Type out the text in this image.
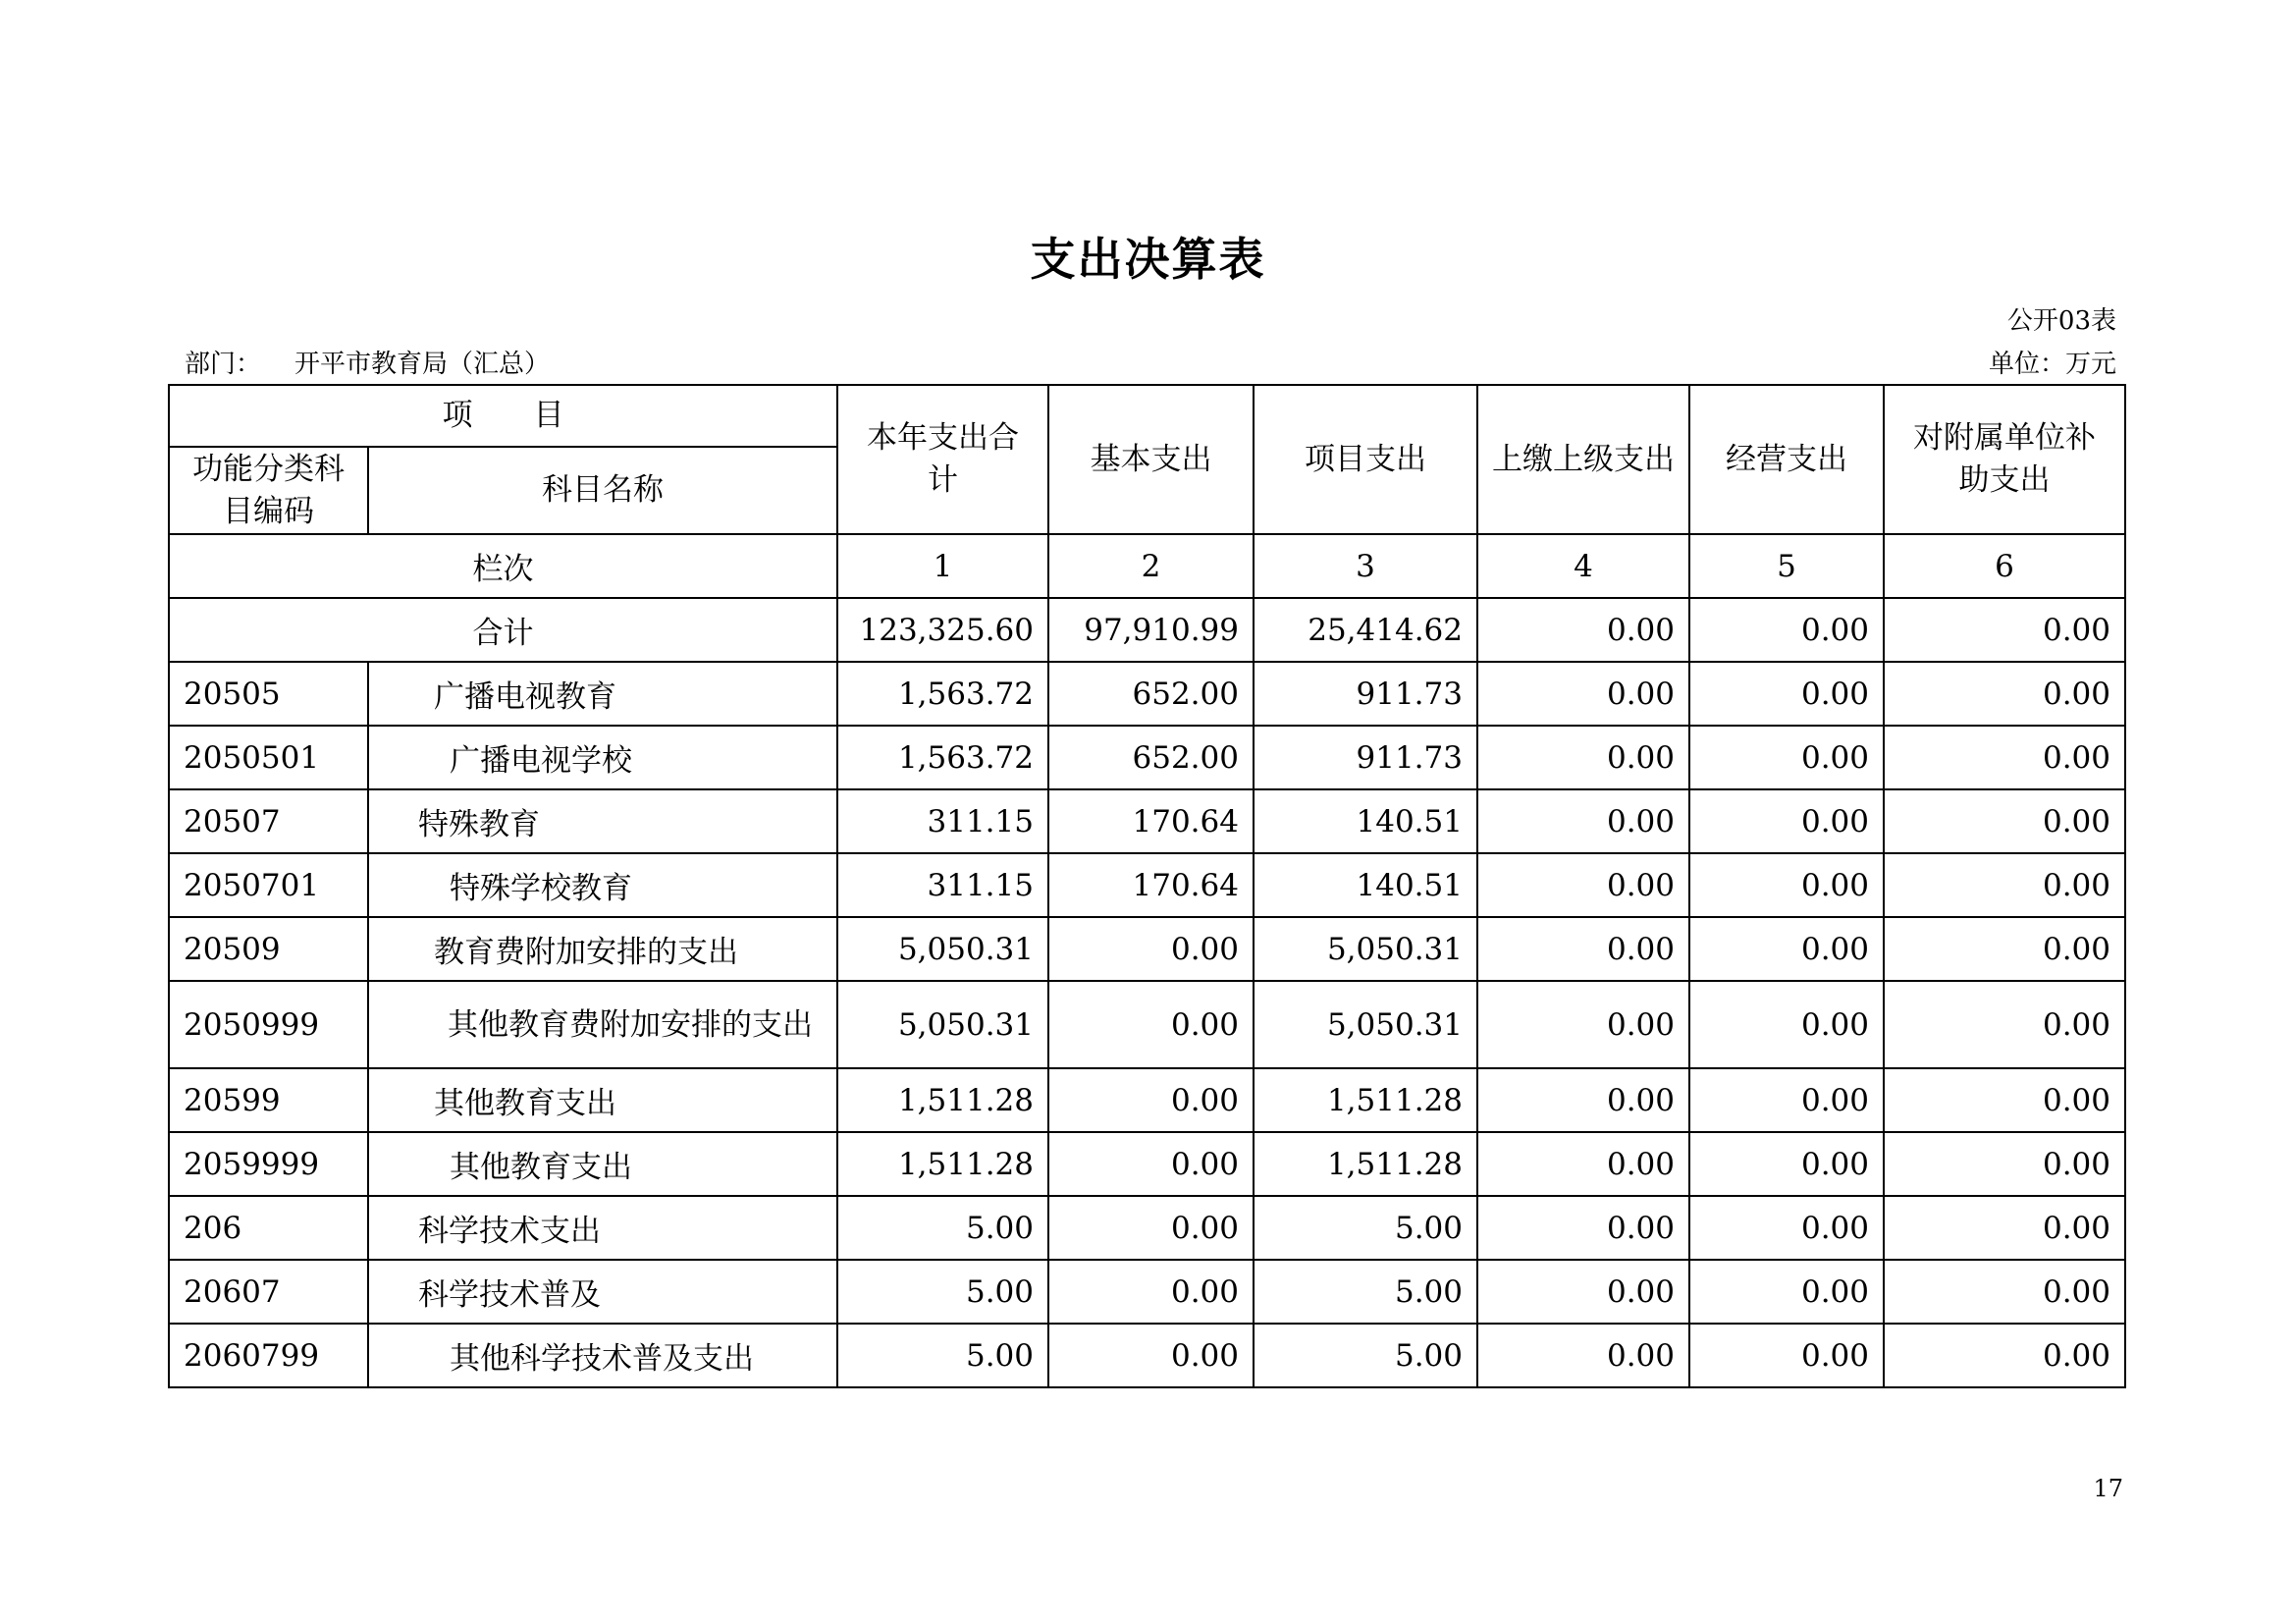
支出决算表
公开03表
部门： 开平市教育局（汇总）	单位：万元
项　　目		本年支出合计	基本支出	项目支出	上缴上级支出	经营支出	对附属单位补助支出
功能分类科目编码	科目名称						
栏次		1	2	3	4	5	6
合计		123,325.60	97,910.99	25,414.62	0.00	0.00	0.00
20505	广播电视教育	1,563.72	652.00	911.73	0.00	0.00	0.00
2050501	广播电视学校	1,563.72	652.00	911.73	0.00	0.00	0.00
20507	特殊教育	311.15	170.64	140.51	0.00	0.00	0.00
2050701	特殊学校教育	311.15	170.64	140.51	0.00	0.00	0.00
20509	教育费附加安排的支出	5,050.31	0.00	5,050.31	0.00	0.00	0.00
2050999	其他教育费附加安排的支出	5,050.31	0.00	5,050.31	0.00	0.00	0.00
20599	其他教育支出	1,511.28	0.00	1,511.28	0.00	0.00	0.00
2059999	其他教育支出	1,511.28	0.00	1,511.28	0.00	0.00	0.00
206	科学技术支出	5.00	0.00	5.00	0.00	0.00	0.00
20607	科学技术普及	5.00	0.00	5.00	0.00	0.00	0.00
2060799	其他科学技术普及支出	5.00	0.00	5.00	0.00	0.00	0.00
17
